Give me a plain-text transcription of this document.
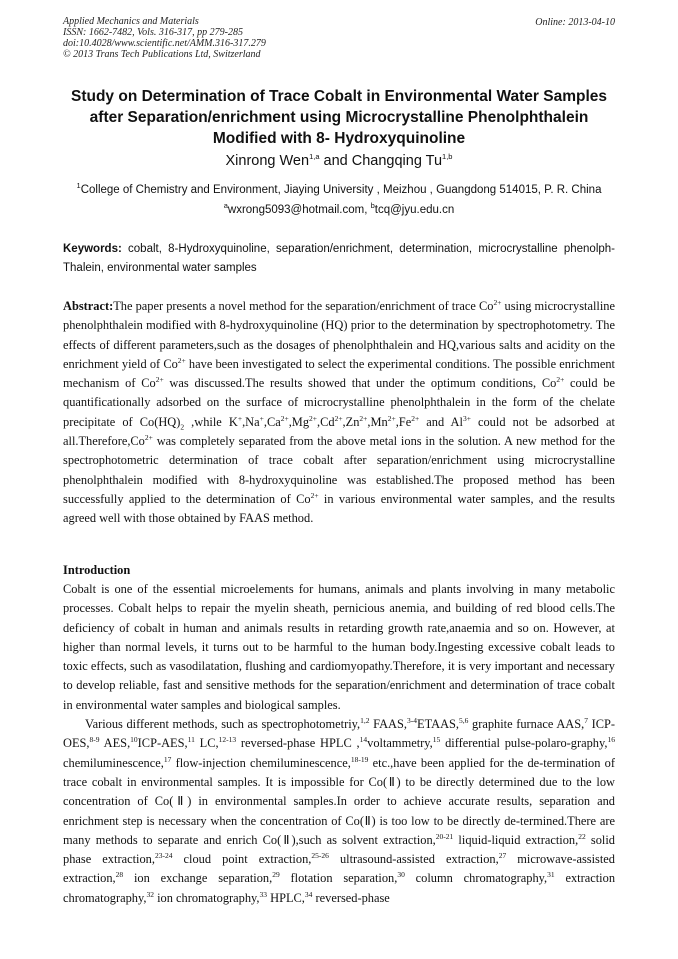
Applied Mechanics and Materials	Online: 2013-04-10
ISSN: 1662-7482, Vols. 316-317, pp 279-285
doi:10.4028/www.scientific.net/AMM.316-317.279
© 2013 Trans Tech Publications Ltd, Switzerland
Study on Determination of Trace Cobalt in Environmental Water Samples
after Separation/enrichment using Microcrystalline Phenolphthalein
Modified with 8- Hydroxyquinoline
Xinrong Wen$^{1,a}$ and Changqing Tu$^{1,b}$
$^1$College of Chemistry and Environment, Jiaying University , Meizhou , Guangdong 514015, P. R. China
$^a$wxrong5093@hotmail.com, $^b$tcq@jyu.edu.cn
Keywords: cobalt, 8-Hydroxyquinoline, separation/enrichment, determination, microcrystalline phenolph-Thalein, environmental water samples
Abstract:The paper presents a novel method for the separation/enrichment of trace $Co^{2+}$ using microcrystalline phenolphthalein modified with 8-hydroxyquinoline (HQ) prior to the determination by spectrophotometry. The effects of different parameters,such as the dosages of phenolphthalein and HQ,various salts and acidity on the enrichment yield of $Co^{2+}$ have been investigated to select the experimental conditions. The possible enrichment mechanism of $Co^{2+}$ was discussed.The results showed that under the optimum conditions, $Co^{2+}$ could be quantificationally adsorbed on the surface of microcrystalline phenolphthalein in the form of the chelate precipitate of $Co(HQ)_2$ ,while $K^+,Na^+,Ca^{2+},Mg^{2+},Cd^{2+},Zn^{2+},Mn^{2+},Fe^{2+}$ and $Al^{3+}$ could not be adsorbed at $all.Therefore,Co^{2+}$ was completely separated from the above metal ions in the solution. A new method for the spectrophotometric determination of trace cobalt after separation/enrichment using microcrystalline phenolphthalein modified with 8-hydroxyquinoline was established.The proposed method has been successfully applied to the determination of $Co^{2+}$ in various environmental water samples, and the results agreed well with those obtained by FAAS method.
Introduction

Cobalt is one of the essential microelements for humans, animals and plants involving in many metabolic processes. Cobalt helps to repair the myelin sheath, pernicious anemia, and building of red blood cells.The deficiency of cobalt in human and animals results in retarding growth rate,anaemia and so on. However, at higher than normal levels, it turns out to be harmful to the human body.Ingesting excessive cobalt leads to toxic effects, such as vasodilatation, flushing and cardiomyopathy.Therefore, it is very important and necessary to develop reliable, fast and sensitive methods for the separation/enrichment and determination of trace cobalt in environmental water samples and biological samples.

Various different methods, such as spectrophotometriy,$^{1,2}$ FAAS,$^{3-4}$ETAAS,$^{5,6}$ graphite furnace AAS,$^7$ ICP-OES,$^{8-9}$ AES,$^{10}$ICP-AES,$^{11}$ LC,$^{12-13}$ reversed-phase HPLC ,$^{14}$voltammetry,$^{15}$ differential pulse-polaro-graphy,$^{16}$ chemiluminescence,$^{17}$ flow-injection chemiluminescence,$^{18-19}$ etc.,have been applied for the de-termination of trace cobalt in environmental samples. It is impossible for Co(Ⅱ) to be directly determined due to the low concentration of Co(Ⅱ) in environmental samples.In order to achieve accurate results, separation and enrichment step is necessary when the concentration of Co(Ⅱ) is too low to be directly de-termined.There are many methods to separate and enrich Co(Ⅱ),such as solvent extraction,$^{20-21}$ liquid-liquid extraction,$^{22}$ solid phase extraction,$^{23-24}$ cloud point extraction,$^{25-26}$ ultrasound-assisted extraction,$^{27}$ microwave-assisted extraction,$^{28}$ ion exchange separation,$^{29}$ flotation separation,$^{30}$ column chromatography,$^{31}$ extraction chromatography,$^{32}$ ion chromatography,$^{33}$ HPLC,$^{34}$ reversed-phase
